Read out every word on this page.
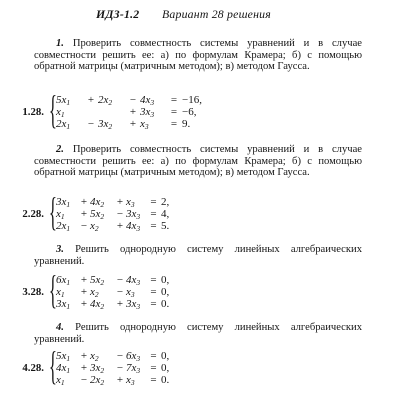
ИДЗ-1.2 Вариант 28 решения

1. Проверить совместность системы уравнений и в случае совместности решить ее: а) по формулам Крамера; б) с помощью обратной матрицы (матричным методом); в) методом Гаусса.

1.28. { $5x_1$	+ $2x_2$	− $4x_3$	= −16,
$x_1$	+ $3x_3$	= −6,
$2x_1$	− $3x_2$	+ $x_3$	= 9.

2. Проверить совместность системы уравнений и в случае совместности решить ее: а) по формулам Крамера; б) с помощью обратной матрицы (матричным методом); в) методом Гаусса.

2.28. { $3x_1 + 4x_2$	+ $x_3$	= 2,
$x_1$	+ $5x_2$	− $3x_3 = 4$,
$2x_1 - x_2$	+ $4x_3 = 5$.

3. Решить однородную систему линейных алгебраических уравнений.

3.28. { $6x_1 + 5x_2$	− $4x_3 = 0$,
$x_1$	+ $x_2$	− $x_3$	= 0,
$3x_1 + 4x_2$	+ $3x_3 = 0$.

4. Решить однородную систему линейных алгебраических уравнений.

4.28. { $5x_1 + x_2$	− $6x_3 = 0$,
$4x_1 + 3x_2$	− $7x_3 = 0$,
$x_1$	− $2x_2$	+ $x_3$	= 0.
